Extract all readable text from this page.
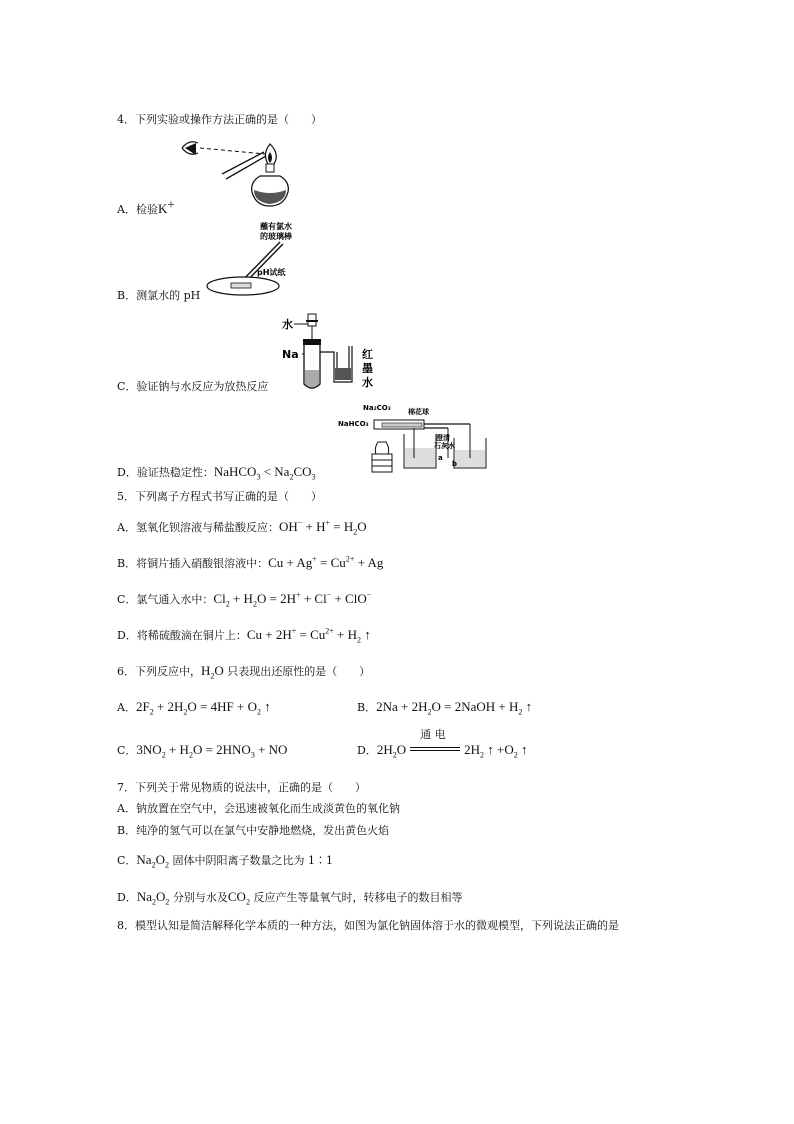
4．下列实验或操作方法正确的是（　　）
A．检验K+
蘸有氯水
的玻璃棒
pH试纸
B．测氯水的 pH
水
Na	红
墨
水
C．验证钠与水反应为放热反应
Na₂CO₃
NaHCO₃
棉花球
澄清
石灰水
a
b
D．验证热稳定性：NaHCO$_3$ < $Na_2CO_3$
5．下列离子方程式书写正确的是（　　）
A．氢氧化钡溶液与稀盐酸反应：$OH^- + H^+ = H_2O$
B．将铜片插入硝酸银溶液中：$Cu + Ag^+ = Cu^{2+} + Ag$
C．氯气通入水中：$Cl_2 + H_2O = 2H^+ + Cl^- + ClO^-$
D．将稀硫酸滴在铜片上：$Cu + 2H^+ = Cu^{2+} + H_2$ ↑
6．下列反应中，$H_2O$ 只表现出还原性的是（　　）
A．$2F_2 + 2H_2O = 4HF + O_2$ ↑	B．$2Na + 2H_2O$ = 2NaOH + $H_2$ ↑
C．$3NO_2 + H_2O = 2HNO_3$ + NO	D．$2H_2O$
通 电
$2H_2$ ↑ $+O_2$ ↑
7．下列关于常见物质的说法中，正确的是（　　）
A．钠放置在空气中，会迅速被氧化而生成淡黄色的氧化钠
B．纯净的氢气可以在氯气中安静地燃烧，发出黄色火焰
C．$Na_2O_2$ 固体中阴阳离子数量之比为 1∶1
D．$Na_2O_2$ 分别与水及$CO_2$ 反应产生等量氧气时，转移电子的数目相等
8．模型认知是简洁解释化学本质的一种方法，如图为氯化钠固体溶于水的微观模型，下列说法正确的是
